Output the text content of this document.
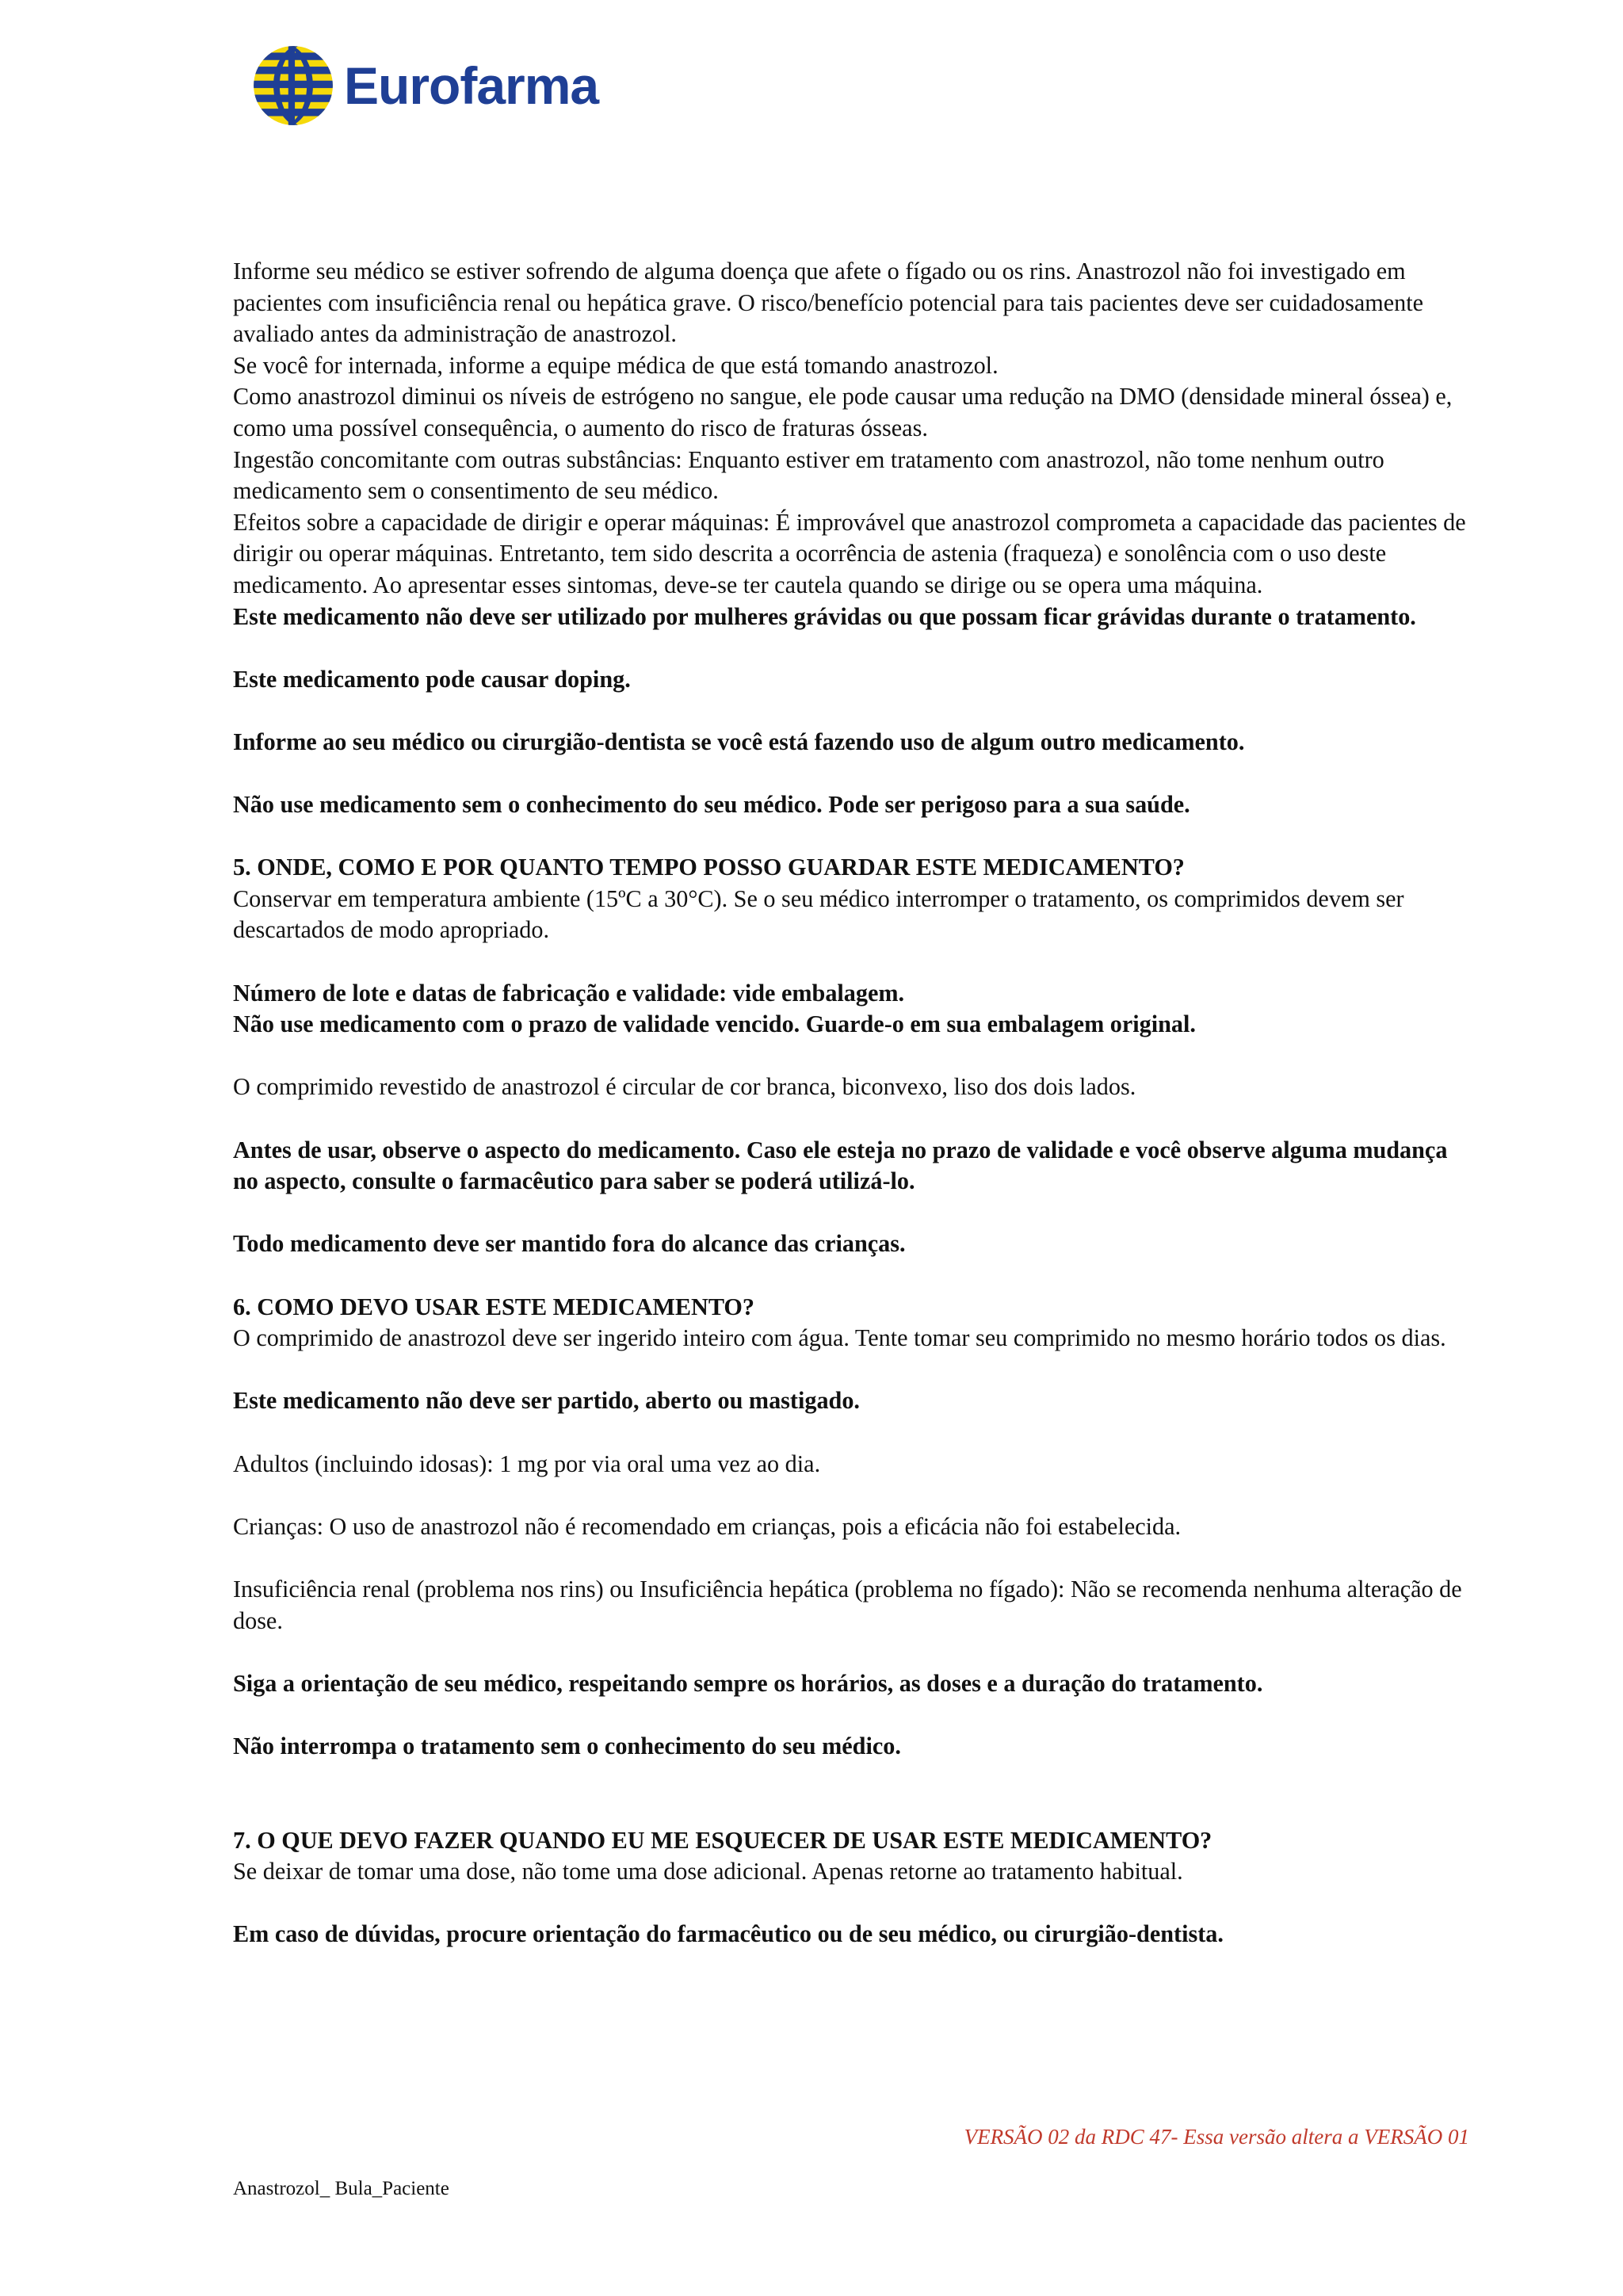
Eurofarma

Informe seu médico se estiver sofrendo de alguma doença que afete o fígado ou os rins. Anastrozol não foi investigado em pacientes com insuficiência renal ou hepática grave. O risco/benefício potencial para tais pacientes deve ser cuidadosamente avaliado antes da administração de anastrozol.

Se você for internada, informe a equipe médica de que está tomando anastrozol.

Como anastrozol diminui os níveis de estrógeno no sangue, ele pode causar uma redução na DMO (densidade mineral óssea) e, como uma possível consequência, o aumento do risco de fraturas ósseas.

Ingestão concomitante com outras substâncias: Enquanto estiver em tratamento com anastrozol, não tome nenhum outro medicamento sem o consentimento de seu médico.

Efeitos sobre a capacidade de dirigir e operar máquinas: É improvável que anastrozol comprometa a capacidade das pacientes de dirigir ou operar máquinas. Entretanto, tem sido descrita a ocorrência de astenia (fraqueza) e sonolência com o uso deste medicamento. Ao apresentar esses sintomas, deve-se ter cautela quando se dirige ou se opera uma máquina.

Este medicamento não deve ser utilizado por mulheres grávidas ou que possam ficar grávidas durante o tratamento.

Este medicamento pode causar doping.

Informe ao seu médico ou cirurgião-dentista se você está fazendo uso de algum outro medicamento.

Não use medicamento sem o conhecimento do seu médico. Pode ser perigoso para a sua saúde.

5. ONDE, COMO E POR QUANTO TEMPO POSSO GUARDAR ESTE MEDICAMENTO?

Conservar em temperatura ambiente (15ºC a 30°C). Se o seu médico interromper o tratamento, os comprimidos devem ser descartados de modo apropriado.

Número de lote e datas de fabricação e validade: vide embalagem.

Não use medicamento com o prazo de validade vencido. Guarde-o em sua embalagem original.

O comprimido revestido de anastrozol é circular de cor branca, biconvexo, liso dos dois lados.

Antes de usar, observe o aspecto do medicamento. Caso ele esteja no prazo de validade e você observe alguma mudança no aspecto, consulte o farmacêutico para saber se poderá utilizá-lo.

Todo medicamento deve ser mantido fora do alcance das crianças.

6. COMO DEVO USAR ESTE MEDICAMENTO?

O comprimido de anastrozol deve ser ingerido inteiro com água. Tente tomar seu comprimido no mesmo horário todos os dias.

Este medicamento não deve ser partido, aberto ou mastigado.

Adultos (incluindo idosas): 1 mg por via oral uma vez ao dia.

Crianças: O uso de anastrozol não é recomendado em crianças, pois a eficácia não foi estabelecida.

Insuficiência renal (problema nos rins) ou Insuficiência hepática (problema no fígado): Não se recomenda nenhuma alteração de dose.

Siga a orientação de seu médico, respeitando sempre os horários, as doses e a duração do tratamento.

Não interrompa o tratamento sem o conhecimento do seu médico.

7. O QUE DEVO FAZER QUANDO EU ME ESQUECER DE USAR ESTE MEDICAMENTO?

Se deixar de tomar uma dose, não tome uma dose adicional. Apenas retorne ao tratamento habitual.

Em caso de dúvidas, procure orientação do farmacêutico ou de seu médico, ou cirurgião-dentista.

VERSÃO 02 da RDC 47- Essa versão altera a VERSÃO 01
Anastrozol_ Bula_Paciente
